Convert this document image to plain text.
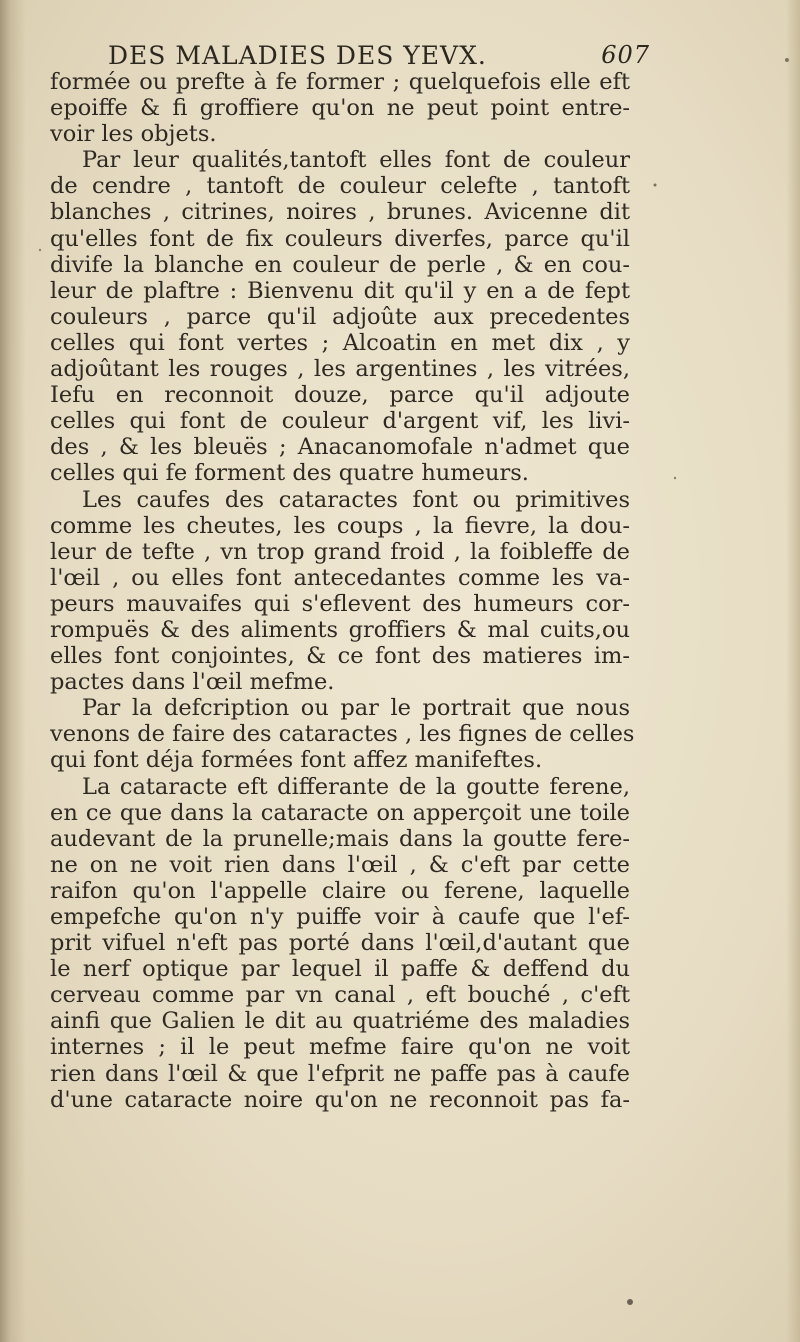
DES MALADIES DES YEVX.	607
formée ou prefte à fe former ; quelquefois elle eft
epoiffe & fi groffiere qu'on ne peut point entre-
voir les objets.
Par leur qualités,tantoft elles font de couleur
de cendre , tantoft de couleur celefte , tantoft
blanches , citrines, noires , brunes. Avicenne dit
qu'elles font de fix couleurs diverfes, parce qu'il
divife la blanche en couleur de perle , & en cou-
leur de plaftre : Bienvenu dit qu'il y en a de fept
couleurs , parce qu'il adjoûte aux precedentes
celles qui font vertes ; Alcoatin en met dix , y
adjoûtant les rouges , les argentines , les vitrées,
Iefu en reconnoit douze, parce qu'il adjoute
celles qui font de couleur d'argent vif, les livi-
des , & les bleuës ; Anacanomofale n'admet que
celles qui fe forment des quatre humeurs.
Les caufes des cataractes font ou primitives
comme les cheutes, les coups , la fievre, la dou-
leur de tefte , vn trop grand froid , la foibleffe de
l'œil , ou elles font antecedantes comme les va-
peurs mauvaifes qui s'eflevent des humeurs cor-
rompuës & des aliments groffiers & mal cuits,ou
elles font conjointes, & ce font des matieres im-
pactes dans l'œil mefme.
Par la defcription ou par le portrait que nous
venons de faire des cataractes , les fignes de celles
qui font déja formées font affez manifeftes.
La cataracte eft differante de la goutte ferene,
en ce que dans la cataracte on apperçoit une toile
audevant de la prunelle;mais dans la goutte fere-
ne on ne voit rien dans l'œil , & c'eft par cette
raifon qu'on l'appelle claire ou ferene, laquelle
empefche qu'on n'y puiffe voir à caufe que l'ef-
prit vifuel n'eft pas porté dans l'œil,d'autant que
le nerf optique par lequel il paffe & deffend du
cerveau comme par vn canal , eft bouché , c'eft
ainfi que Galien le dit au quatriéme des maladies
internes ; il le peut mefme faire qu'on ne voit
rien dans l'œil & que l'efprit ne paffe pas à caufe
d'une cataracte noire qu'on ne reconnoit pas fa-
